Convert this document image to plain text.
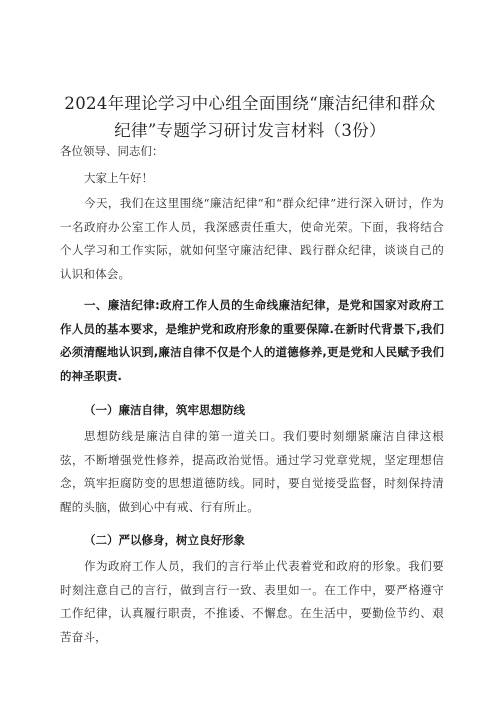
2024年理论学习中心组全面围绕“廉洁纪律和群众纪律”专题学习研讨发言材料（3份）
各位领导、同志们：
大家上午好！
今天，我们在这里围绕“廉洁纪律”和“群众纪律”进行深入研讨，作为一名政府办公室工作人员，我深感责任重大，使命光荣。下面，我将结合个人学习和工作实际，就如何坚守廉洁纪律、践行群众纪律，谈谈自己的认识和体会。
一、廉洁纪律:政府工作人员的生命线廉洁纪律，是党和国家对政府工作人员的基本要求，是维护党和政府形象的重要保障.在新时代背景下,我们必须清醒地认识到,廉洁自律不仅是个人的道德修养,更是党和人民赋予我们的神圣职责.
（一）廉洁自律，筑牢思想防线
思想防线是廉洁自律的第一道关口。我们要时刻绷紧廉洁自律这根弦，不断增强党性修养，提高政治觉悟。通过学习党章党规，坚定理想信念，筑牢拒腐防变的思想道德防线。同时，要自觉接受监督，时刻保持清醒的头脑，做到心中有戒、行有所止。
（二）严以修身，树立良好形象
作为政府工作人员，我们的言行举止代表着党和政府的形象。我们要时刻注意自己的言行，做到言行一致、表里如一。在工作中，要严格遵守工作纪律，认真履行职责，不推诿、不懈怠。在生活中，要勤俭节约、艰苦奋斗，
